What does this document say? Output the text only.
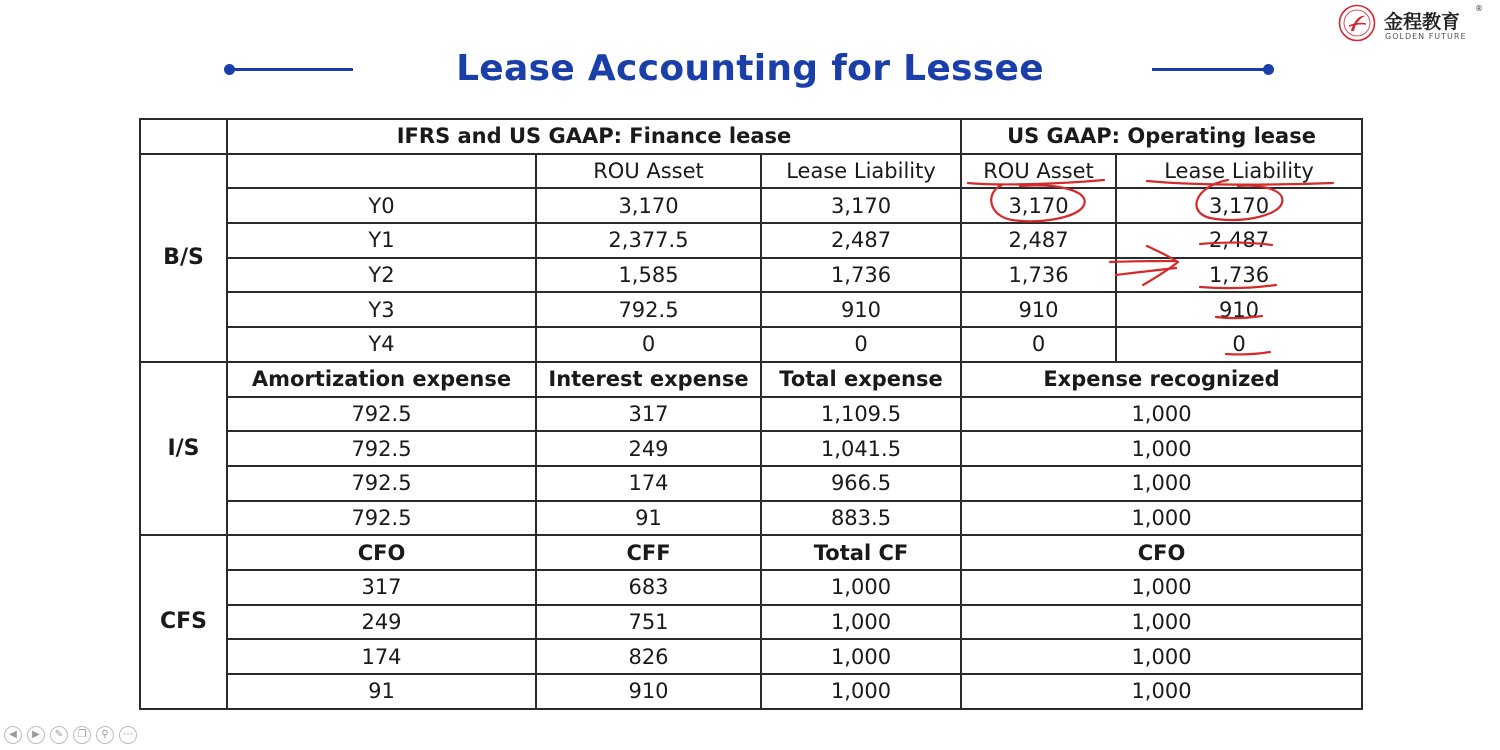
Lease Accounting for Lessee
金程教育
GOLDEN FUTURE
®
	IFRS and US GAAP: Finance lease			US GAAP: Operating lease	
B/S		ROU Asset	Lease Liability	ROU Asset	Lease Liability
	Y0	3,170	3,170	3,170	3,170
	Y1	2,377.5	2,487	2,487	2,487
	Y2	1,585	1,736	1,736	1,736
	Y3	792.5	910	910	910
	Y4	0	0	0	0
I/S	Amortization expense	Interest expense	Total expense	Expense recognized	
	792.5	317	1,109.5	1,000	
	792.5	249	1,041.5	1,000	
	792.5	174	966.5	1,000	
	792.5	91	883.5	1,000	
CFS	CFO	CFF	Total CF	CFO	
	317	683	1,000	1,000	
	249	751	1,000	1,000	
	174	826	1,000	1,000	
	91	910	1,000	1,000	
◀	▶	✎	❐	⚲	⋯
